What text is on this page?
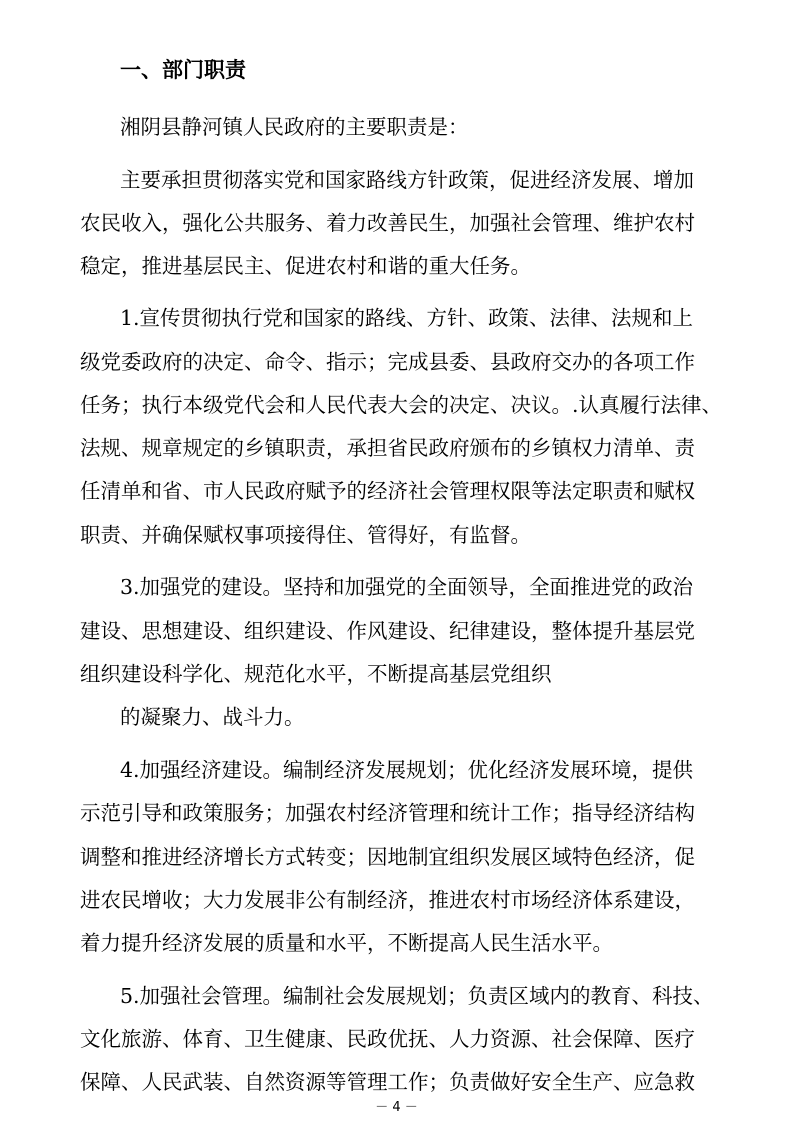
一、部门职责
湘阴县静河镇人民政府的主要职责是：
主要承担贯彻落实党和国家路线方针政策，促进经济发展、增加
农民收入，强化公共服务、着力改善民生，加强社会管理、维护农村
稳定，推进基层民主、促进农村和谐的重大任务。
1.宣传贯彻执行党和国家的路线、方针、政策、法律、法规和上
级党委政府的决定、命令、指示；完成县委、县政府交办的各项工作
任务；执行本级党代会和人民代表大会的决定、决议。.认真履行法律、
法规、规章规定的乡镇职责，承担省民政府颁布的乡镇权力清单、责
任清单和省、市人民政府赋予的经济社会管理权限等法定职责和赋权
职责、并确保赋权事项接得住、管得好，有监督。
3.加强党的建设。坚持和加强党的全面领导，全面推进党的政治
建设、思想建设、组织建设、作风建设、纪律建设，整体提升基层党
组织建设科学化、规范化水平，不断提高基层党组织
的凝聚力、战斗力。
4.加强经济建设。编制经济发展规划；优化经济发展环境，提供
示范引导和政策服务；加强农村经济管理和统计工作；指导经济结构
调整和推进经济增长方式转变；因地制宜组织发展区域特色经济，促
进农民增收；大力发展非公有制经济，推进农村市场经济体系建设，
着力提升经济发展的质量和水平，不断提高人民生活水平。
5.加强社会管理。编制社会发展规划；负责区域内的教育、科技、
文化旅游、体育、卫生健康、民政优抚、人力资源、社会保障、医疗
保障、人民武装、自然资源等管理工作；负责做好安全生产、应急救
－ 4 －
